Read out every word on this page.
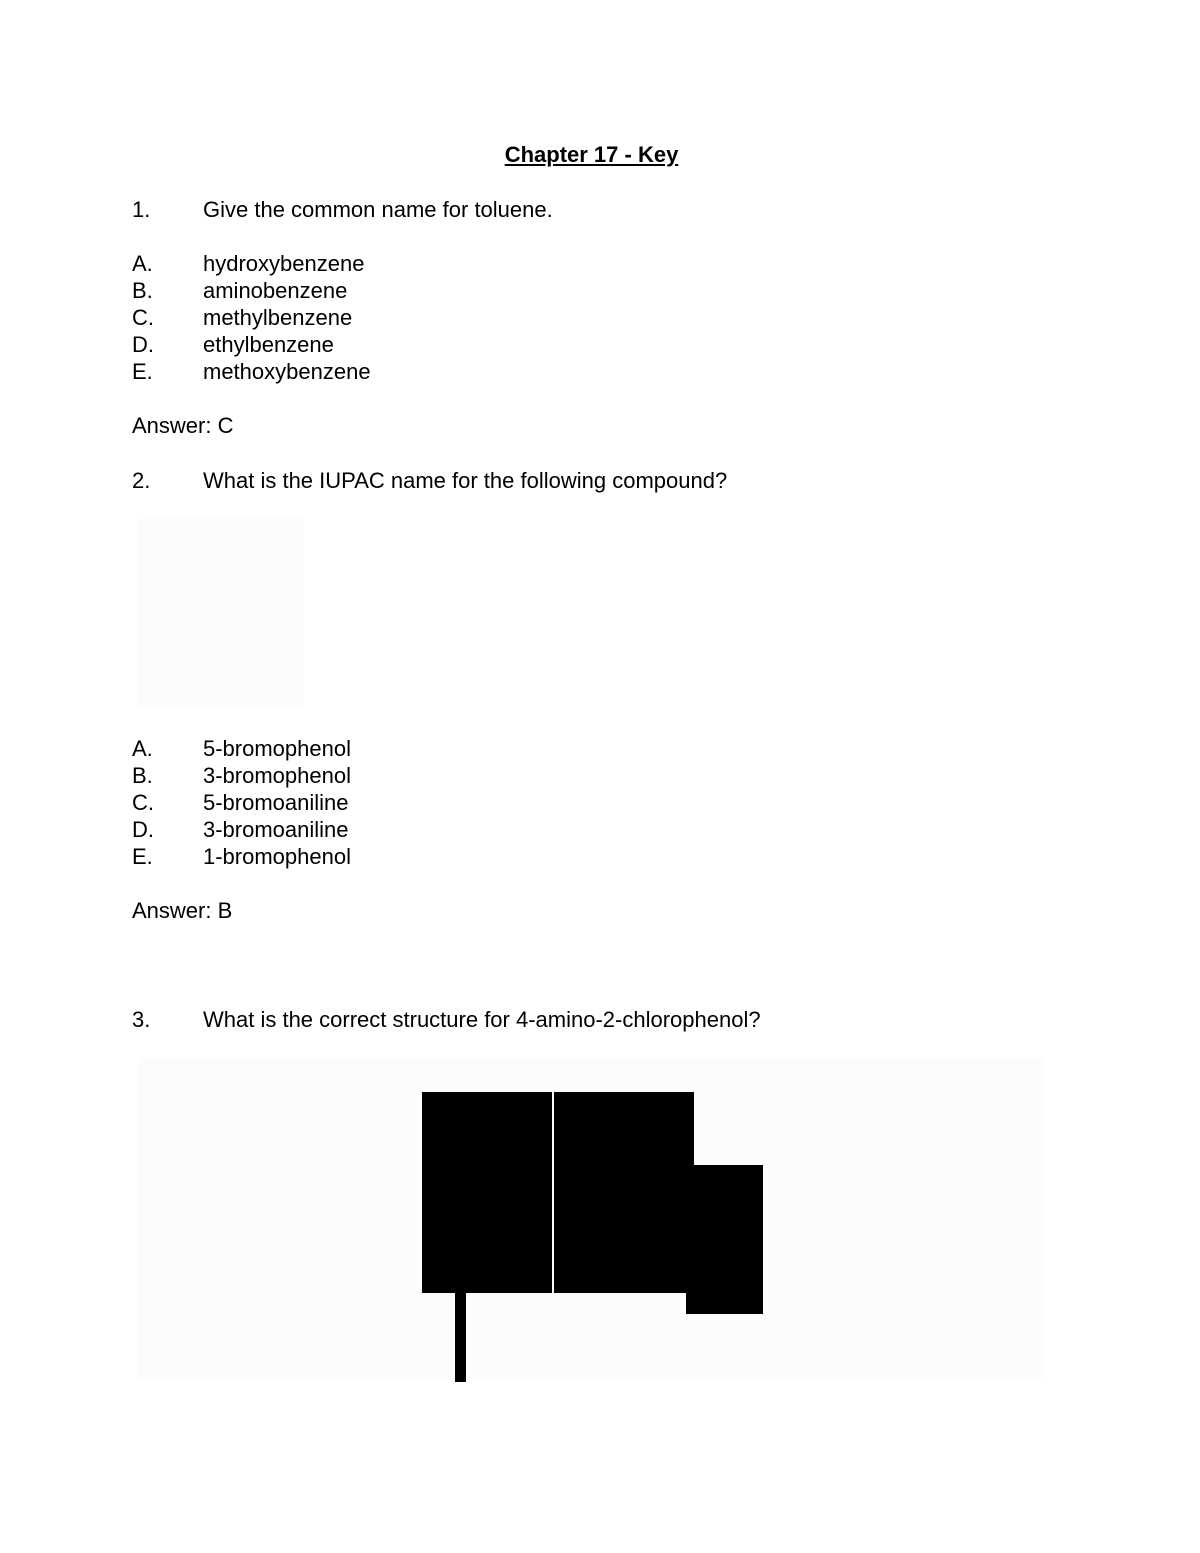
Chapter 17 - Key
1. Give the common name for toluene.
A. hydroxybenzene
B. aminobenzene
C. methylbenzene
D. ethylbenzene
E. methoxybenzene
Answer: C
2. What is the IUPAC name for the following compound?
A. 5-bromophenol
B. 3-bromophenol
C. 5-bromoaniline
D. 3-bromoaniline
E. 1-bromophenol
Answer: B
3. What is the correct structure for 4-amino-2-chlorophenol?
